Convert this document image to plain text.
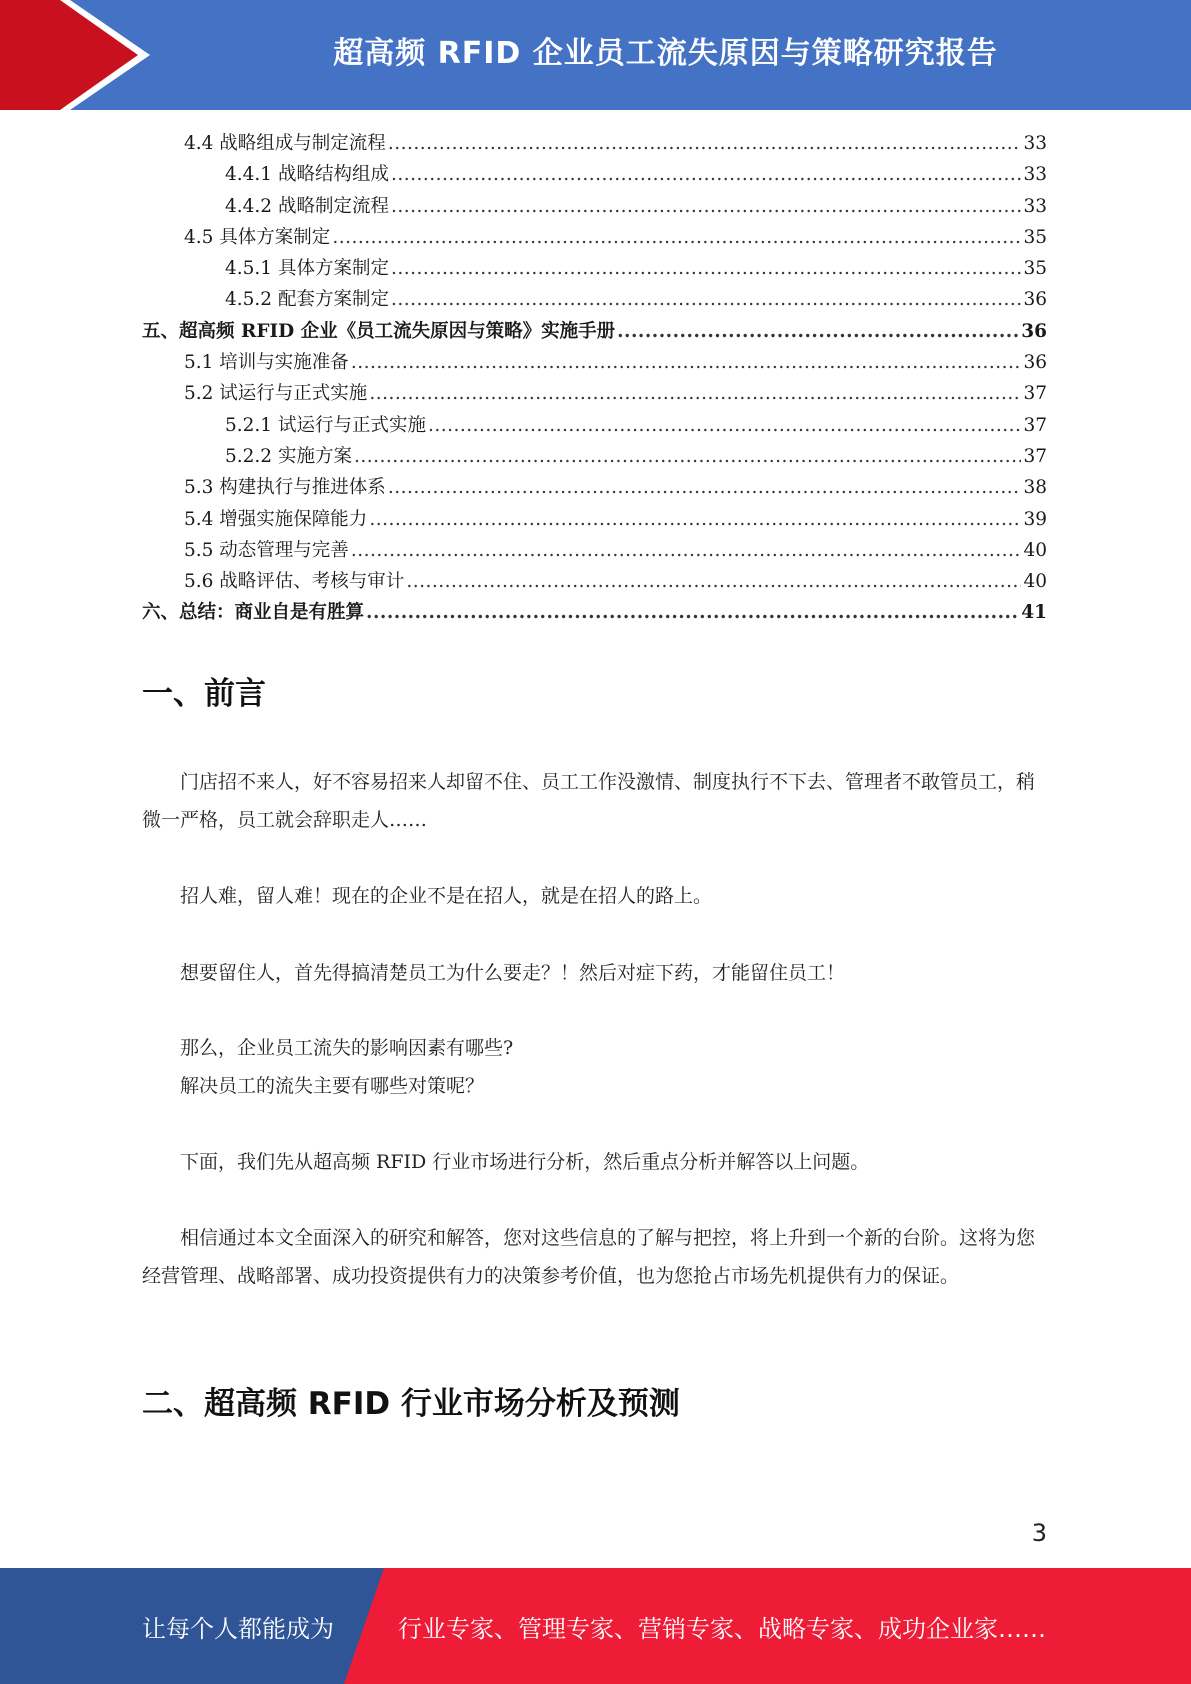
超高频 RFID 企业员工流失原因与策略研究报告
4.4 战略组成与制定流程 .....	33
4.4.1 战略结构组成 .....	33
4.4.2 战略制定流程 .....	33
4.5 具体方案制定 .....	35
4.5.1 具体方案制定 .....	35
4.5.2 配套方案制定 .....	36
五、超高频 RFID 企业《员工流失原因与策略》实施手册 .....	36
5.1 培训与实施准备 .....	36
5.2 试运行与正式实施 .....	37
5.2.1 试运行与正式实施 .....	37
5.2.2 实施方案 .....	37
5.3 构建执行与推进体系 .....	38
5.4 增强实施保障能力 .....	39
5.5 动态管理与完善 .....	40
5.6 战略评估、考核与审计 .....	40
六、总结：商业自是有胜算 .....	41
一、前言

门店招不来人，好不容易招来人却留不住、员工工作没激情、制度执行不下去、管理者不敢管员工，稍微一严格，员工就会辞职走人……

招人难，留人难！现在的企业不是在招人，就是在招人的路上。

想要留住人，首先得搞清楚员工为什么要走？！然后对症下药，才能留住员工！

那么，企业员工流失的影响因素有哪些?

解决员工的流失主要有哪些对策呢？

下面，我们先从超高频 RFID 行业市场进行分析，然后重点分析并解答以上问题。

相信通过本文全面深入的研究和解答，您对这些信息的了解与把控，将上升到一个新的台阶。这将为您经营管理、战略部署、成功投资提供有力的决策参考价值，也为您抢占市场先机提供有力的保证。

二、超高频 RFID 行业市场分析及预测
3
让每个人都能成为	行业专家、管理专家、营销专家、战略专家、成功企业家……
